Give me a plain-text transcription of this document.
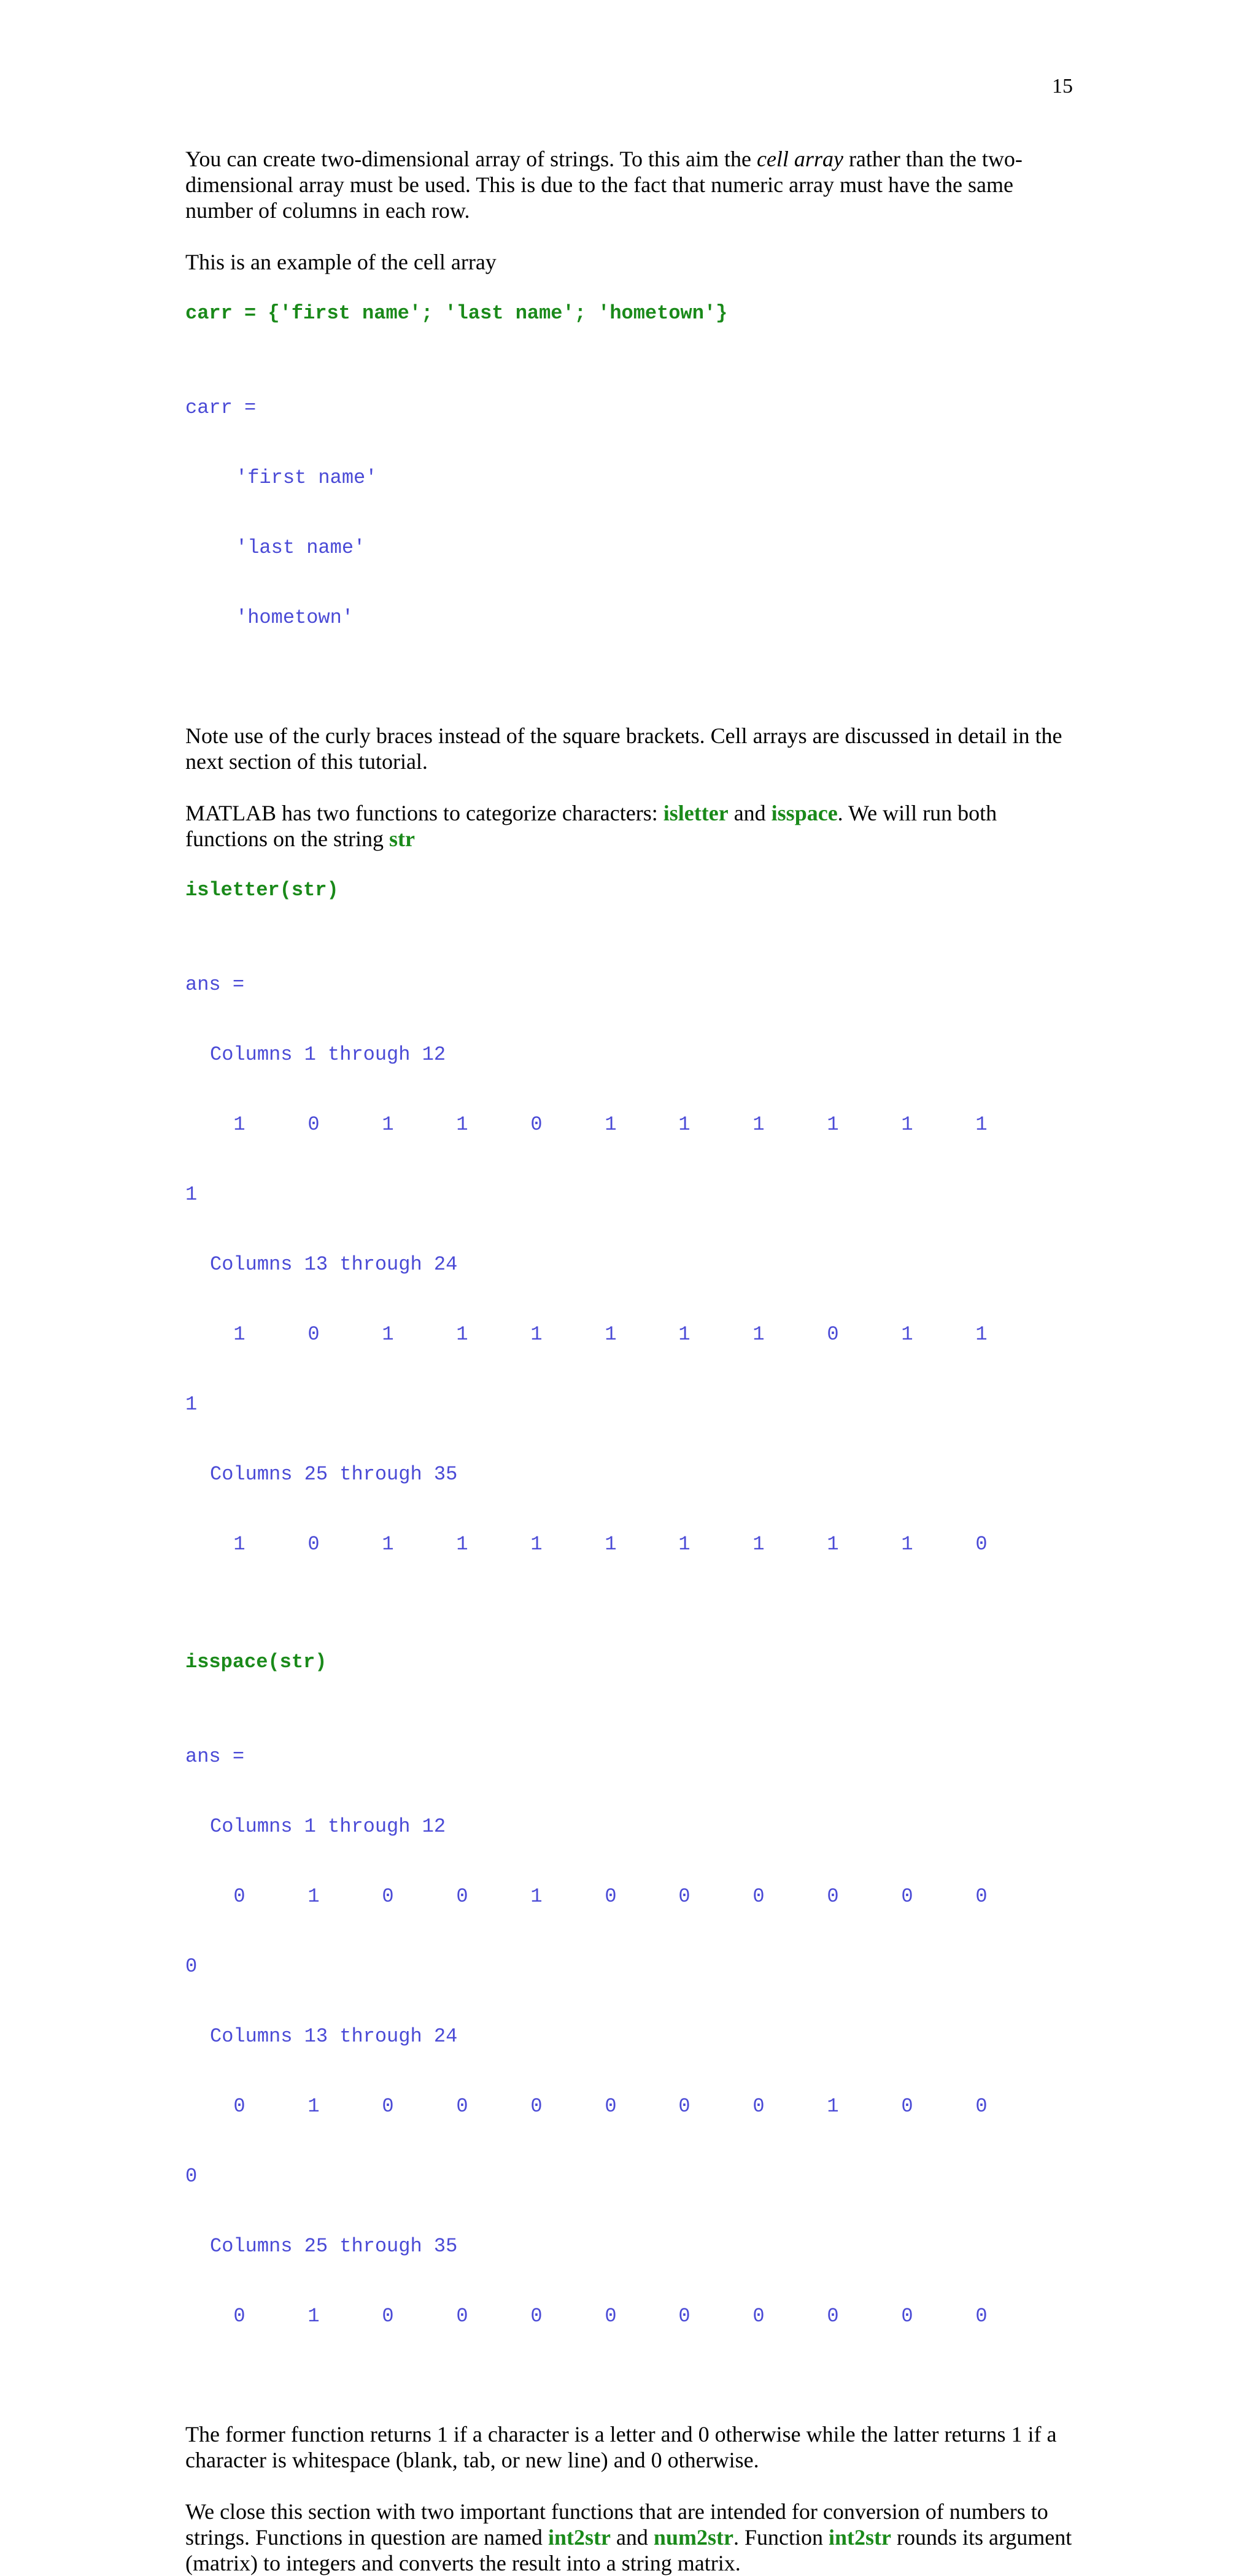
15

You can create two-dimensional array of strings. To this aim the cell array rather than the two-dimensional array must be used. This is due to the fact that numeric array must have the same number of columns in each row.

This is an example of the cell array

carr = {'first name'; 'last name'; 'hometown'}

carr =

'first name'

'last name'

'hometown'

Note use of the curly braces instead of the square brackets. Cell arrays are discussed in detail in the next section of this tutorial.

MATLAB has two functions to categorize characters: isletter and isspace. We will run both functions on the string str

isletter(str)

ans =

Columns 1 through 12

1	0	1	1	0	1	1	1	1	1	1

1

Columns 13 through 24

1	0	1	1	1	1	1	1	0	1	1

1

Columns 25 through 35

1	0	1	1	1	1	1	1	1	1	0

isspace(str)

ans =

Columns 1 through 12

0	1	0	0	1	0	0	0	0	0	0

0

Columns 13 through 24

0	1	0	0	0	0	0	0	1	0	0

0

Columns 25 through 35

0	1	0	0	0	0	0	0	0	0	0

The former function returns 1 if a character is a letter and 0 otherwise while the latter returns 1 if a character is whitespace (blank, tab, or new line) and 0 otherwise.

We close this section with two important functions that are intended for conversion of numbers to strings. Functions in question are named int2str and num2str. Function int2str rounds its argument (matrix) to integers and converts the result into a string matrix.
